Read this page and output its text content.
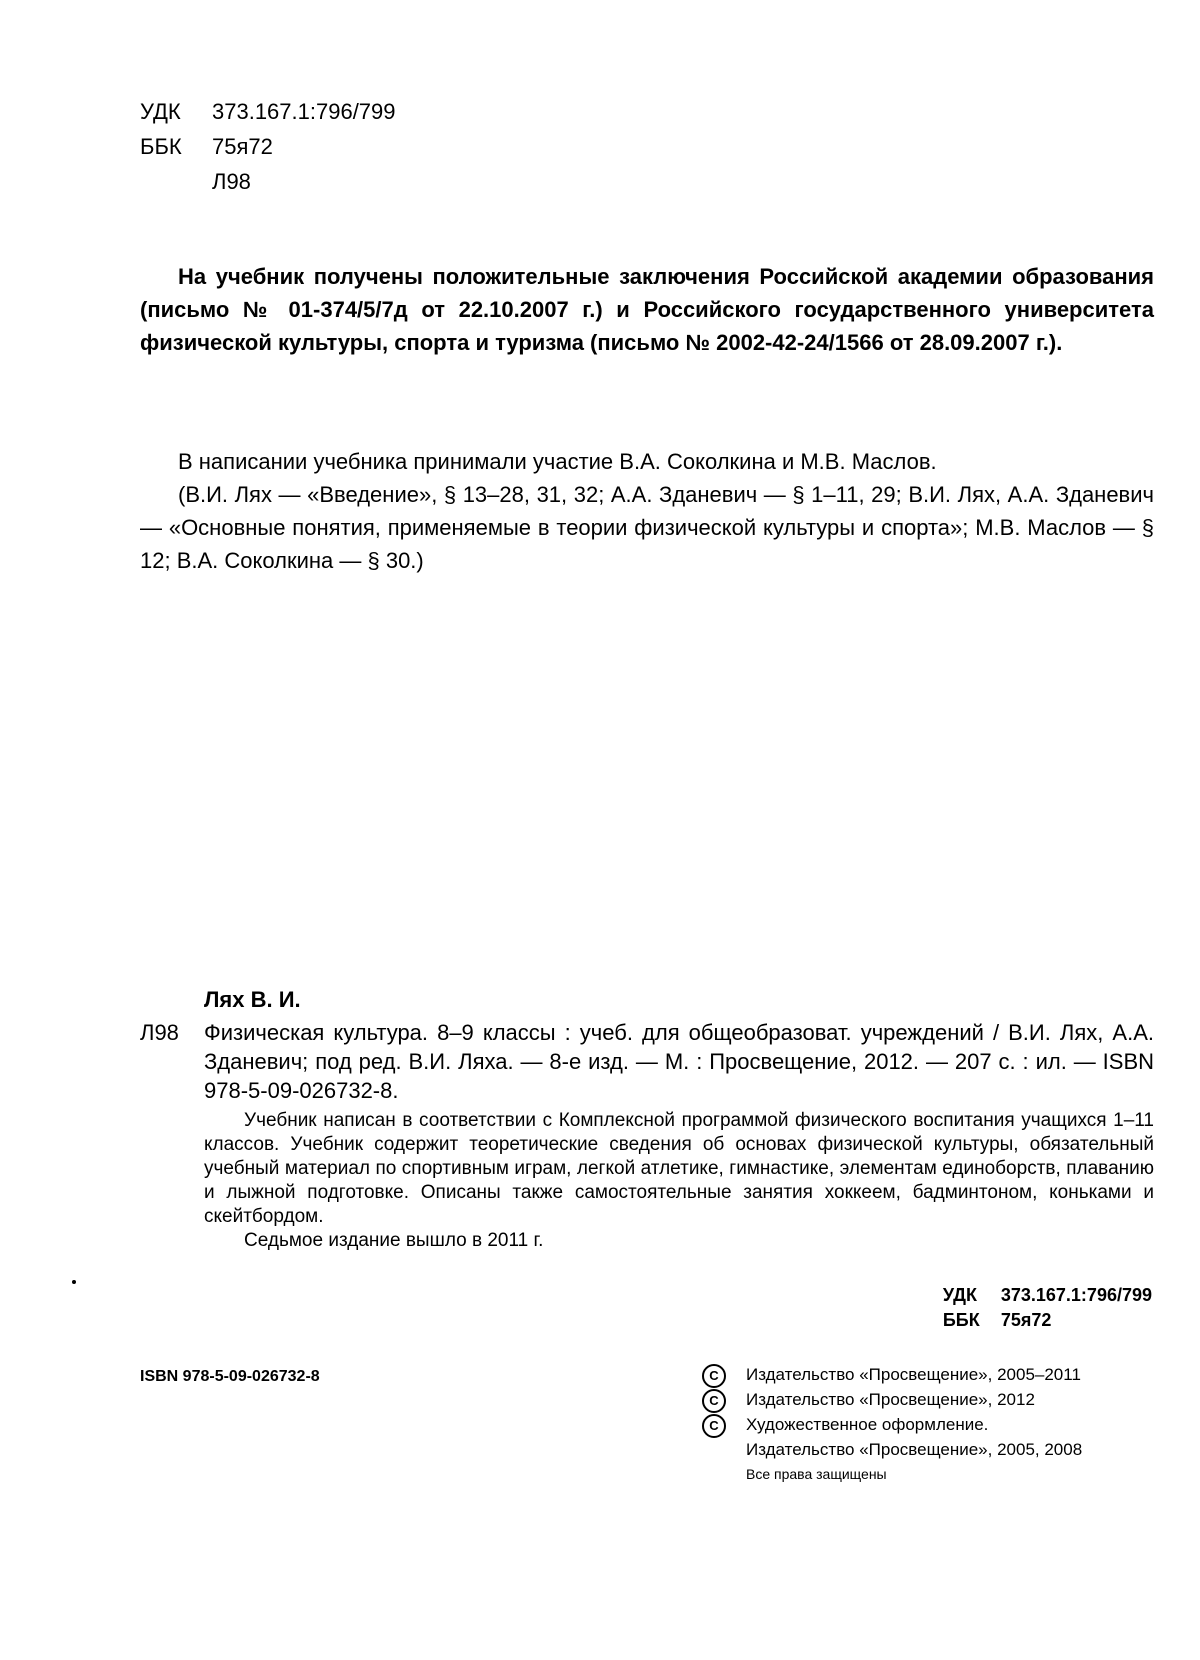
УДК 373.167.1:796/799
ББК 75я72
Л98
На учебник получены положительные заключения Российской академии образования (письмо № 01-374/5/7д от 22.10.2007 г.) и Российского государственного университета физической культуры, спорта и туризма (письмо № 2002-42-24/1566 от 28.09.2007 г.).

В написании учебника принимали участие В.А. Соколкина и М.В. Маслов.

(В.И. Лях — «Введение», § 13–28, 31, 32; А.А. Зданевич — § 1–11, 29; В.И. Лях, А.А. Зданевич — «Основные понятия, применяемые в теории физической культуры и спорта»; М.В. Маслов — § 12; В.А. Соколкина — § 30.)

Лях В. И.
Л98 Физическая культура. 8–9 классы : учеб. для общеобразоват. учреждений / В.И. Лях, А.А. Зданевич; под ред. В.И. Ляха. — 8-е изд. — М. : Просвещение, 2012. — 207 с. : ил. — ISBN 978-5-09-026732-8.

Учебник написан в соответствии с Комплексной программой физического воспитания учащихся 1–11 классов. Учебник содержит теоретические сведения об основах физической культуры, обязательный учебный материал по спортивным играм, легкой атлетике, гимнастике, элементам единоборств, плаванию и лыжной подготовке. Описаны также самостоятельные занятия хоккеем, бадминтоном, коньками и скейтбордом.

Седьмое издание вышло в 2011 г.

УДК 373.167.1:796/799
ББК 75я72
ISBN 978-5-09-026732-8	C	Издательство «Просвещение», 2005–2011
C	Издательство «Просвещение», 2012
C	Художественное оформление.
Издательство «Просвещение», 2005, 2008
Все права защищены
